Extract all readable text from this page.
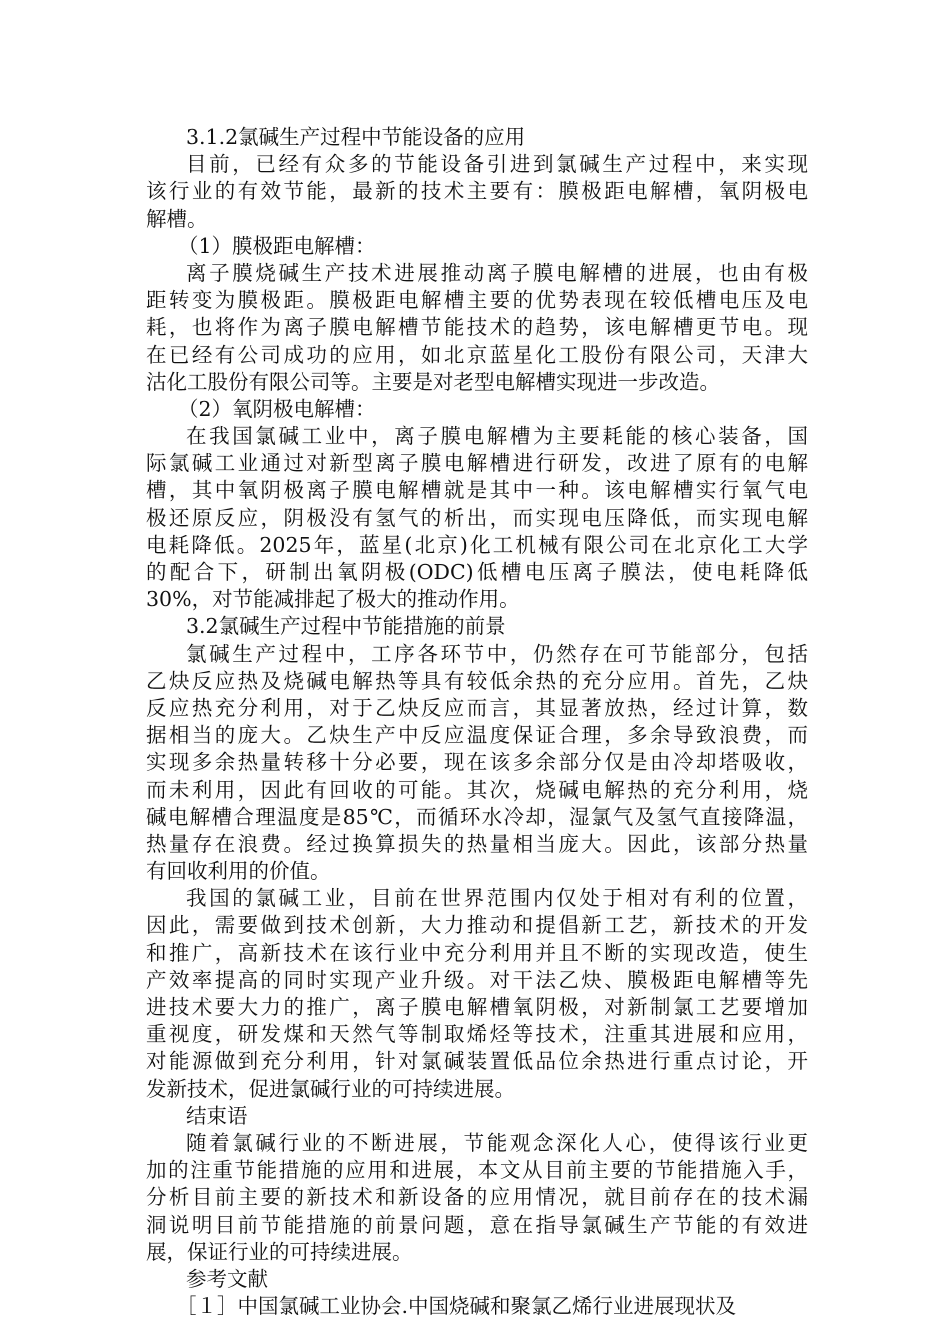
3.1.2氯碱生产过程中节能设备的应用
目前，已经有众多的节能设备引进到氯碱生产过程中，来实现
该行业的有效节能，最新的技术主要有：膜极距电解槽，氧阴极电
解槽。
（1）膜极距电解槽：
离子膜烧碱生产技术进展推动离子膜电解槽的进展，也由有极
距转变为膜极距。膜极距电解槽主要的优势表现在较低槽电压及电
耗，也将作为离子膜电解槽节能技术的趋势，该电解槽更节电。现
在已经有公司成功的应用，如北京蓝星化工股份有限公司，天津大
沽化工股份有限公司等。主要是对老型电解槽实现进一步改造。
（2）氧阴极电解槽：
在我国氯碱工业中，离子膜电解槽为主要耗能的核心装备，国
际氯碱工业通过对新型离子膜电解槽进行研发，改进了原有的电解
槽，其中氧阴极离子膜电解槽就是其中一种。该电解槽实行氧气电
极还原反应，阴极没有氢气的析出，而实现电压降低，而实现电解
电耗降低。2025年，蓝星(北京)化工机械有限公司在北京化工大学
的配合下，研制出氧阴极(ODC)低槽电压离子膜法，使电耗降低
30%，对节能减排起了极大的推动作用。
3.2氯碱生产过程中节能措施的前景
氯碱生产过程中，工序各环节中，仍然存在可节能部分，包括
乙炔反应热及烧碱电解热等具有较低余热的充分应用。首先，乙炔
反应热充分利用，对于乙炔反应而言，其显著放热，经过计算，数
据相当的庞大。乙炔生产中反应温度保证合理，多余导致浪费，而
实现多余热量转移十分必要，现在该多余部分仅是由冷却塔吸收，
而未利用，因此有回收的可能。其次，烧碱电解热的充分利用，烧
碱电解槽合理温度是85℃，而循环水冷却，湿氯气及氢气直接降温，
热量存在浪费。经过换算损失的热量相当庞大。因此，该部分热量
有回收利用的价值。
我国的氯碱工业，目前在世界范围内仅处于相对有利的位置，
因此，需要做到技术创新，大力推动和提倡新工艺，新技术的开发
和推广，高新技术在该行业中充分利用并且不断的实现改造，使生
产效率提高的同时实现产业升级。对干法乙炔、膜极距电解槽等先
进技术要大力的推广，离子膜电解槽氧阴极，对新制氯工艺要增加
重视度，研发煤和天然气等制取烯烃等技术，注重其进展和应用，
对能源做到充分利用，针对氯碱装置低品位余热进行重点讨论，开
发新技术，促进氯碱行业的可持续进展。
结束语
随着氯碱行业的不断进展，节能观念深化人心，使得该行业更
加的注重节能措施的应用和进展，本文从目前主要的节能措施入手，
分析目前主要的新技术和新设备的应用情况，就目前存在的技术漏
洞说明目前节能措施的前景问题，意在指导氯碱生产节能的有效进
展，保证行业的可持续进展。
参考文献
［１］中国氯碱工业协会.中国烧碱和聚氯乙烯行业进展现状及
